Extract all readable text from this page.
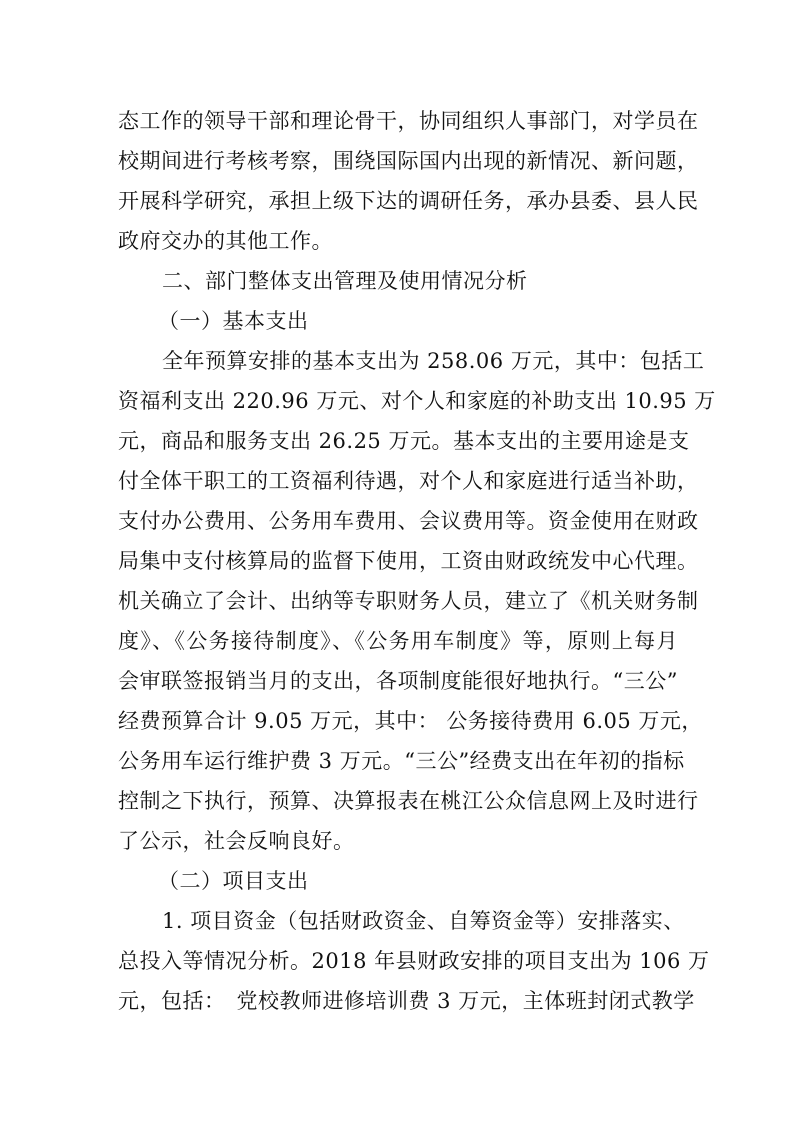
态工作的领导干部和理论骨干，协同组织人事部门，对学员在
校期间进行考核考察，围绕国际国内出现的新情况、新问题，
开展科学研究，承担上级下达的调研任务，承办县委、县人民
政府交办的其他工作。
二、部门整体支出管理及使用情况分析
（一）基本支出
全年预算安排的基本支出为 258.06 万元，其中：包括工
资福利支出 220.96 万元、对个人和家庭的补助支出 10.95 万
元，商品和服务支出 26.25 万元。基本支出的主要用途是支
付全体干职工的工资福利待遇，对个人和家庭进行适当补助，
支付办公费用、公务用车费用、会议费用等。资金使用在财政
局集中支付核算局的监督下使用，工资由财政统发中心代理。
机关确立了会计、出纳等专职财务人员，建立了《机关财务制
度》、《公务接待制度》、《公务用车制度》等，原则上每月
会审联签报销当月的支出，各项制度能很好地执行。“三公”
经费预算合计 9.05 万元，其中： 公务接待费用 6.05 万元，
公务用车运行维护费 3 万元。“三公”经费支出在年初的指标
控制之下执行，预算、决算报表在桃江公众信息网上及时进行
了公示，社会反响良好。
（二）项目支出
1. 项目资金（包括财政资金、自筹资金等）安排落实、
总投入等情况分析。2018 年县财政安排的项目支出为 106 万
元，包括：　党校教师进修培训费 3 万元，主体班封闭式教学
